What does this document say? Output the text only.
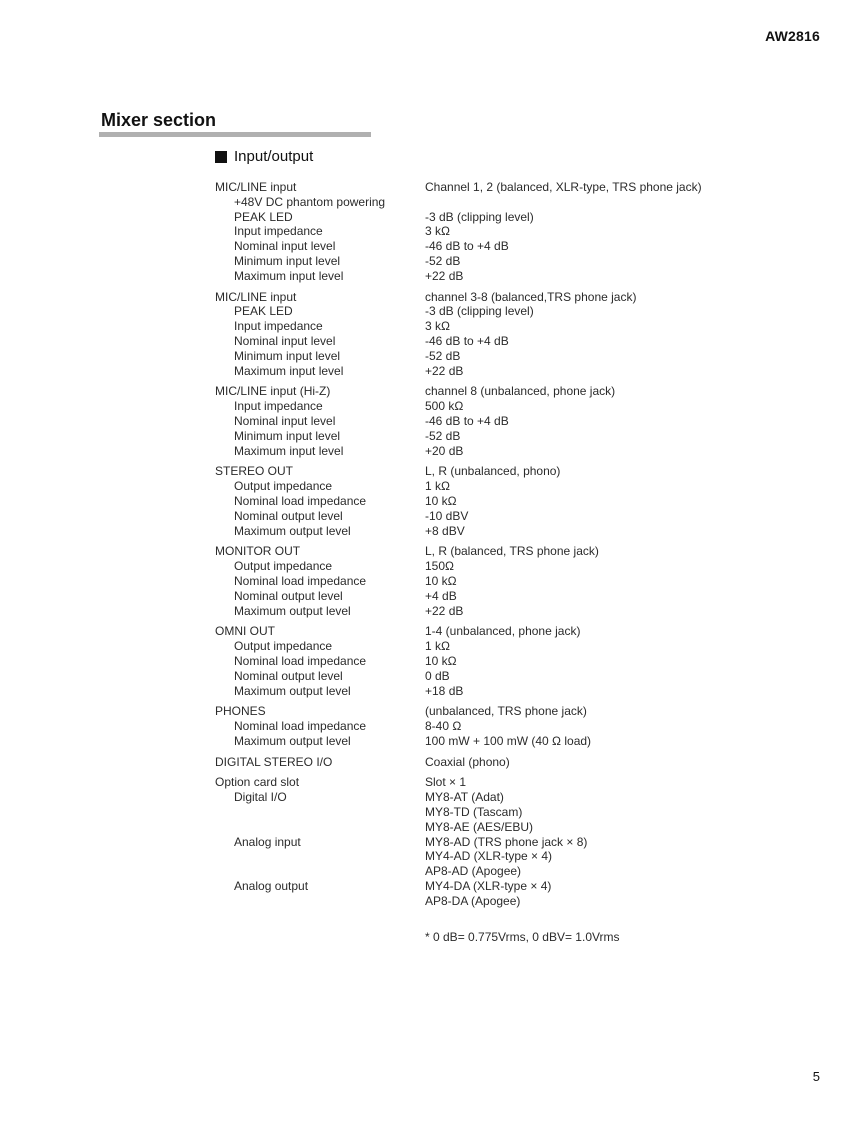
AW2816
Mixer section
Input/output
MIC/LINE input	Channel 1, 2 (balanced, XLR-type, TRS phone jack)
+48V DC phantom powering
PEAK LED	-3 dB (clipping level)
Input impedance	3 kΩ
Nominal input level	-46 dB to +4 dB
Minimum input level	-52 dB
Maximum input level	+22 dB
MIC/LINE input	channel 3-8 (balanced,TRS phone jack)
PEAK LED	-3 dB (clipping level)
Input impedance	3 kΩ
Nominal input level	-46 dB to +4 dB
Minimum input level	-52 dB
Maximum input level	+22 dB
MIC/LINE input (Hi-Z)	channel 8 (unbalanced, phone jack)
Input impedance	500 kΩ
Nominal input level	-46 dB to +4 dB
Minimum input level	-52 dB
Maximum input level	+20 dB
STEREO OUT	L, R (unbalanced, phono)
Output impedance	1 kΩ
Nominal load impedance	10 kΩ
Nominal output level	-10 dBV
Maximum output level	+8 dBV
MONITOR OUT	L, R (balanced, TRS phone jack)
Output impedance	150Ω
Nominal load impedance	10 kΩ
Nominal output level	+4 dB
Maximum output level	+22 dB
OMNI OUT	1-4 (unbalanced, phone jack)
Output impedance	1 kΩ
Nominal load impedance	10 kΩ
Nominal output level	0 dB
Maximum output level	+18 dB
PHONES	(unbalanced, TRS phone jack)
Nominal load impedance	8-40 Ω
Maximum output level	100 mW + 100 mW (40 Ω load)
DIGITAL STEREO I/O	Coaxial (phono)
Option card slot	Slot × 1
Digital I/O	MY8-AT (Adat)
MY8-TD (Tascam)
MY8-AE (AES/EBU)
Analog input	MY8-AD (TRS phone jack × 8)
MY4-AD (XLR-type × 4)
AP8-AD (Apogee)
Analog output	MY4-DA (XLR-type × 4)
AP8-DA (Apogee)
* 0 dB= 0.775Vrms, 0 dBV= 1.0Vrms
5
